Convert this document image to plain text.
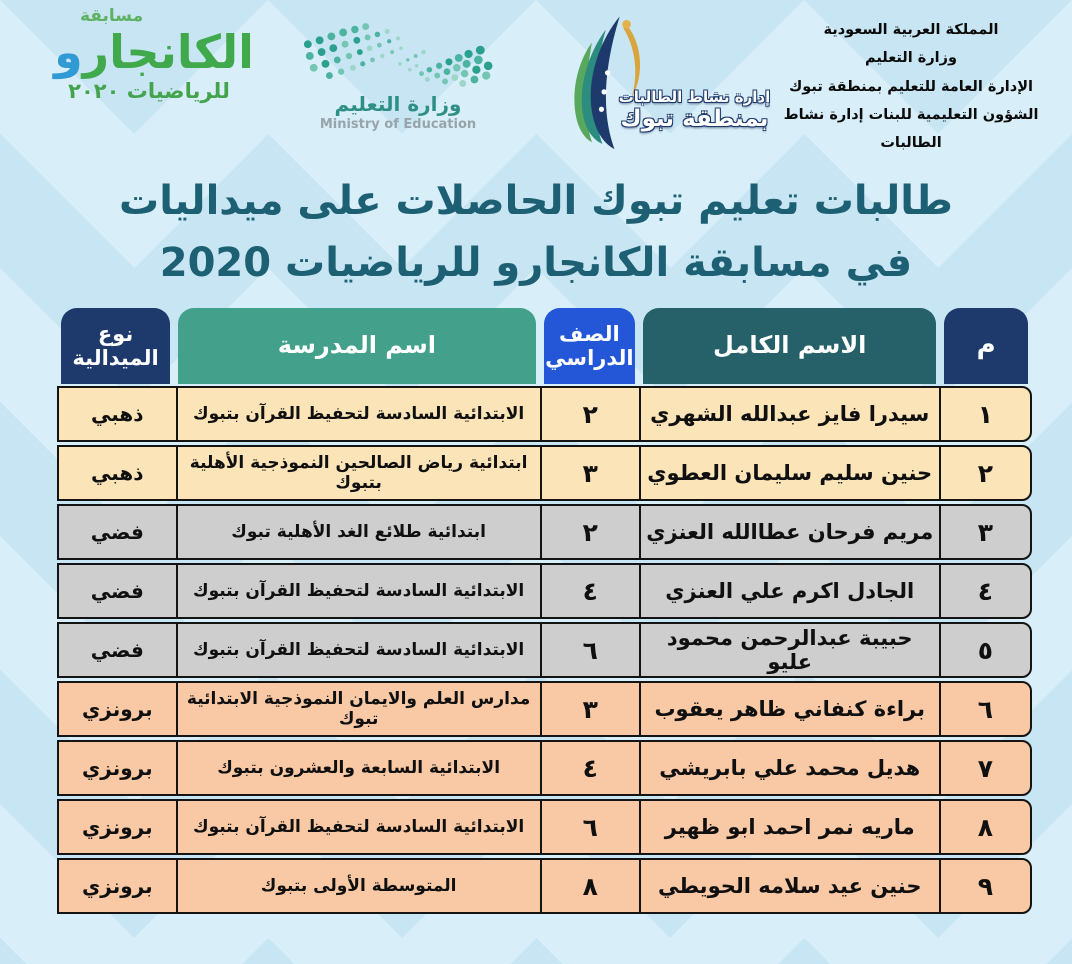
مسابقة
الكانجارو
للرياضيات ٢٠٢٠
وزارة التعليم
Ministry of Education
إدارة نشاط الطالبات
بمنطقة تبوك
المملكة العربية السعودية
وزارة التعليم
الإدارة العامة للتعليم بمنطقة تبوك
الشؤون التعليمية للبنات إدارة نشاط الطالبات
طالبات تعليم تبوك الحاصلات على ميداليات
في مسابقة الكانجارو للرياضيات 2020
م
الاسم الكامل
الصف الدراسي
اسم المدرسة
نوع الميدالية
١
سيدرا فايز عبدالله الشهري
٢
الابتدائية السادسة لتحفيظ القرآن بتبوك
ذهبي
٢
حنين سليم سليمان العطوي
٣
ابتدائية رياض الصالحين النموذجية الأهلية بتبوك
ذهبي
٣
مريم فرحان عطاالله العنزي
٢
ابتدائية طلائع الغد الأهلية تبوك
فضي
٤
الجادل اكرم علي العنزي
٤
الابتدائية السادسة لتحفيظ القرآن بتبوك
فضي
٥
حبيبة عبدالرحمن محمود عليو
٦
الابتدائية السادسة لتحفيظ القرآن بتبوك
فضي
٦
براءة كنفاني ظاهر يعقوب
٣
مدارس العلم والايمان النموذجية الابتدائية تبوك
برونزي
٧
هديل محمد علي بابريشي
٤
الابتدائية السابعة والعشرون بتبوك
برونزي
٨
ماريه نمر احمد ابو ظهير
٦
الابتدائية السادسة لتحفيظ القرآن بتبوك
برونزي
٩
حنين عيد سلامه الحويطي
٨
المتوسطة الأولى بتبوك
برونزي
